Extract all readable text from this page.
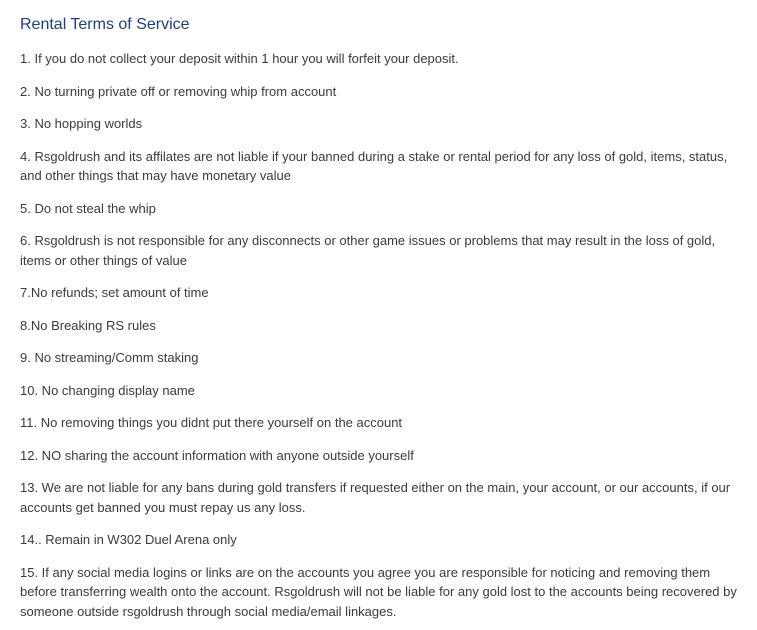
Rental Terms of Service
1. If you do not collect your deposit within 1 hour you will forfeit your deposit.
2. No turning private off or removing whip from account
3. No hopping worlds
4. Rsgoldrush and its affilates are not liable if your banned during a stake or rental period for any loss of gold, items, status, and other things that may have monetary value
5. Do not steal the whip
6. Rsgoldrush is not responsible for any disconnects or other game issues or problems that may result in the loss of gold, items or other things of value
7.No refunds; set amount of time
8.No Breaking RS rules
9. No streaming/Comm staking
10. No changing display name
11. No removing things you didnt put there yourself on the account
12. NO sharing the account information with anyone outside yourself
13. We are not liable for any bans during gold transfers if requested either on the main, your account, or our accounts, if our accounts get banned you must repay us any loss.
14.. Remain in W302 Duel Arena only
15. If any social media logins or links are on the accounts you agree you are responsible for noticing and removing them before transferring wealth onto the account. Rsgoldrush will not be liable for any gold lost to the accounts being recovered by someone outside rsgoldrush through social media/email linkages.
